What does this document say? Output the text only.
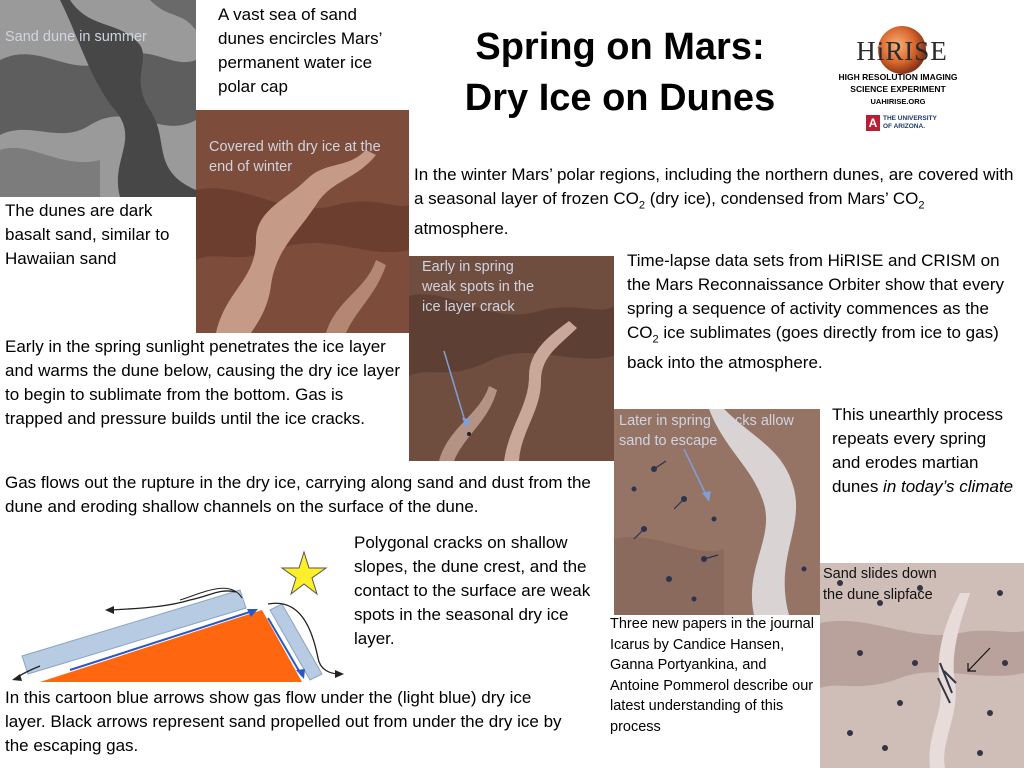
Spring on Mars:
Dry Ice on Dunes
HiRISE
HIGH RESOLUTION IMAGING
SCIENCE EXPERIMENT
UAHIRISE.ORG
A THE UNIVERSITY
OF ARIZONA.
Sand dune in summer
A vast sea of sand dunes encircles Mars’ permanent water ice polar cap
Covered with dry ice at the end of winter
The dunes are dark basalt sand, similar to Hawaiian sand
In the winter Mars’ polar regions, including the northern dunes, are covered with a seasonal layer of frozen $CO_2$ (dry ice), condensed from Mars’ $CO_2$ atmosphere.
Early in spring weak spots in the ice layer crack
Time-lapse data sets from HiRISE and CRISM on the Mars Reconnaissance Orbiter show that every spring a sequence of activity commences as the $CO_2$ ice sublimates (goes directly from ice to gas) back into the atmosphere.
Early in the spring sunlight penetrates the ice layer and warms the dune below, causing the dry ice layer to begin to sublimate from the bottom. Gas is trapped and pressure builds until the ice cracks.	Later in spring cracks allow sand to escape
This unearthly process repeats every spring and erodes martian dunes in today’s climate
Gas flows out the rupture in the dry ice, carrying along sand and dust from the dune and eroding shallow channels on the surface of the dune.
Sand slides down the dune slipface
Polygonal cracks on shallow slopes, the dune crest, and the contact to the surface are weak spots in the seasonal dry ice layer.
Three new papers in the journal Icarus by Candice Hansen, Ganna Portyankina, and Antoine Pommerol describe our latest understanding of this process
In this cartoon blue arrows show gas flow under the (light blue) dry ice layer. Black arrows represent sand propelled out from under the dry ice by the escaping gas.
